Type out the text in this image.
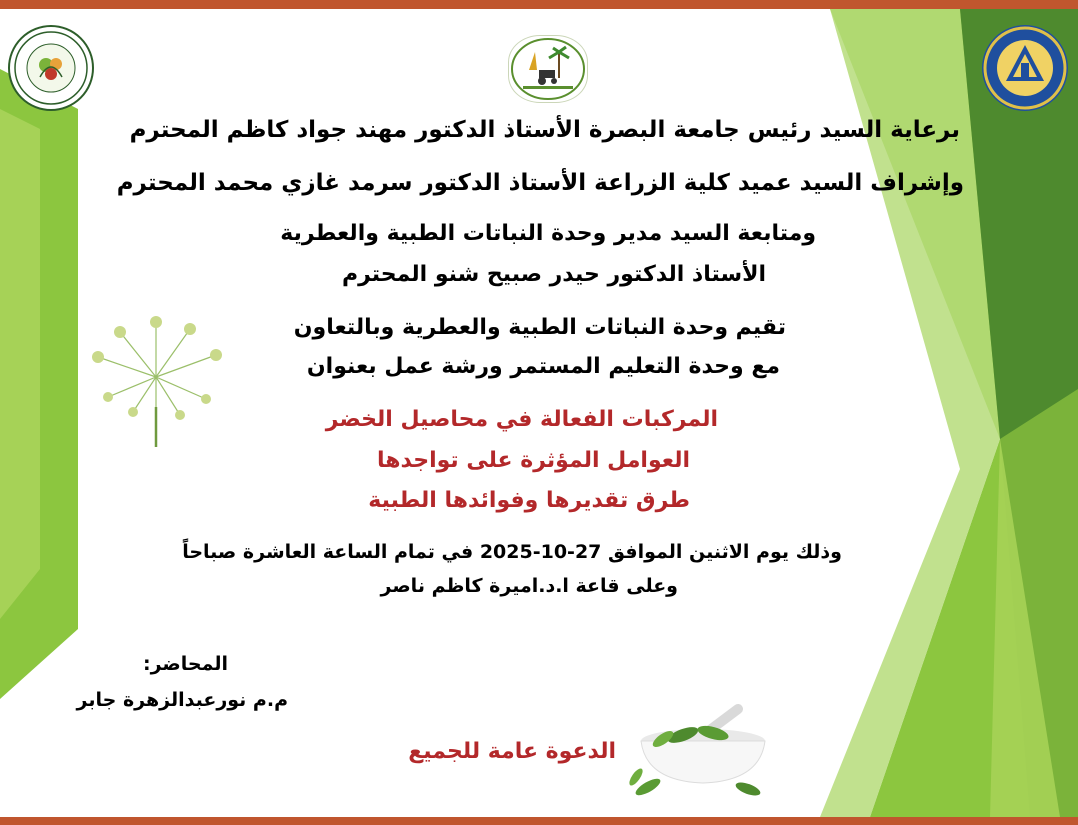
برعاية السيد رئيس جامعة البصرة الأستاذ الدكتور مهند جواد كاظم المحترم
وإشراف السيد عميد كلية الزراعة الأستاذ الدكتور سرمد غازي محمد المحترم
ومتابعة السيد مدير وحدة النباتات الطبية والعطرية
الأستاذ الدكتور حيدر صبيح شنو المحترم
تقيم وحدة النباتات الطبية والعطرية وبالتعاون
مع وحدة التعليم المستمر ورشة عمل بعنوان
المركبات الفعالة في محاصيل الخضر
العوامل المؤثرة على تواجدها
طرق تقديرها وفوائدها الطبية
وذلك يوم الاثنين الموافق 27-10-2025 في تمام الساعة العاشرة صباحاً
وعلى قاعة ا.د.اميرة كاظم ناصر
المحاضر:
م.م نورعبدالزهرة جابر
الدعوة عامة للجميع
